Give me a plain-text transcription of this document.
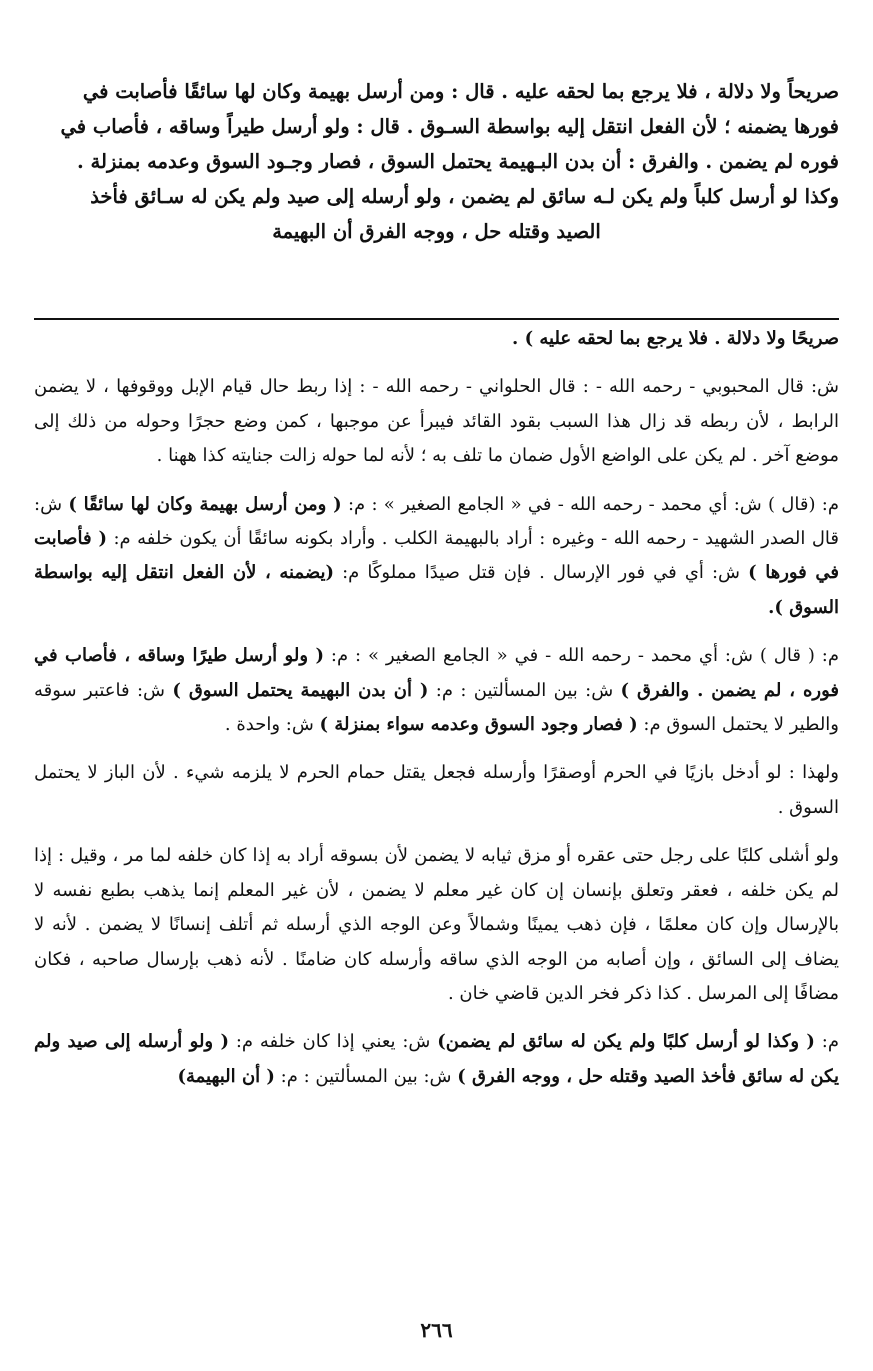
صريحاً ولا دلالة ، فلا يرجع بما لحقه عليه . قال : ومن أرسل بهيمة وكان لها سائقًا فأصابت في

فورها يضمنه ؛ لأن الفعل انتقل إليه بواسطة السـوق . قال : ولو أرسل طيراً وساقه ، فأصاب في

فوره لم يضمن . والفرق : أن بدن البـهيمة يحتمل السوق ، فصار وجـود السوق وعدمه بمنزلة .

وكذا لو أرسل كلباً ولم يكن لـه سائق لم يضمن ، ولو أرسله إلى صيد ولم يكن له سـائق فأخذ

الصيد وقتله حل ، ووجه الفرق أن البهيمة

صريحًا ولا دلالة . فلا يرجع بما لحقه عليه ) .

ش: قال المحبوبي - رحمه الله - : قال الحلواني - رحمه الله - : إذا ربط حال قيام الإبل ووقوفها ، لا يضمن الرابط ، لأن ربطه قد زال هذا السبب بقود القائد فيبرأ عن موجبها ، كمن وضع حجرًا وحوله من ذلك إلى موضع آخر . لم يكن على الواضع الأول ضمان ما تلف به ؛ لأنه لما حوله زالت جنايته كذا ههنا .

م: (قال ) ش: أي محمد - رحمه الله - في « الجامع الصغير » : م: ( ومن أرسل بهيمة وكان لها سائقًا ) ش: قال الصدر الشهيد - رحمه الله - وغيره : أراد بالبهيمة الكلب . وأراد بكونه سائقًا أن يكون خلفه م: ( فأصابت في فورها ) ش: أي في فور الإرسال . فإن قتل صيدًا مملوكًا م: (يضمنه ، لأن الفعل انتقل إليه بواسطة السوق ).

م: ( قال ) ش: أي محمد - رحمه الله - في « الجامع الصغير » : م: ( ولو أرسل طيرًا وساقه ، فأصاب في فوره ، لم يضمن . والفرق ) ش: بين المسألتين : م: ( أن بدن البهيمة يحتمل السوق ) ش: فاعتبر سوقه والطير لا يحتمل السوق م: ( فصار وجود السوق وعدمه سواء بمنزلة ) ش: واحدة .

ولهذا : لو أدخل بازيًا في الحرم أوصقرًا وأرسله فجعل يقتل حمام الحرم لا يلزمه شيء . لأن الباز لا يحتمل السوق .

ولو أشلى كلبًا على رجل حتى عقره أو مزق ثيابه لا يضمن لأن بسوقه أراد به إذا كان خلفه لما مر ، وقيل : إذا لم يكن خلفه ، فعقر وتعلق بإنسان إن كان غير معلم لا يضمن ، لأن غير المعلم إنما يذهب بطبع نفسه لا بالإرسال وإن كان معلمًا ، فإن ذهب يمينًا وشمالاً وعن الوجه الذي أرسله ثم أتلف إنسانًا لا يضمن . لأنه لا يضاف إلى السائق ، وإن أصابه من الوجه الذي ساقه وأرسله كان ضامنًا . لأنه ذهب بإرسال صاحبه ، فكان مضافًا إلى المرسل . كذا ذكر فخر الدين قاضي خان .

م: ( وكذا لو أرسل كلبًا ولم يكن له سائق لم يضمن) ش: يعني إذا كان خلفه م: ( ولو أرسله إلى صيد ولم يكن له سائق فأخذ الصيد وقتله حل ، ووجه الفرق ) ش: بين المسألتين : م: ( أن البهيمة)

٢٦٦
